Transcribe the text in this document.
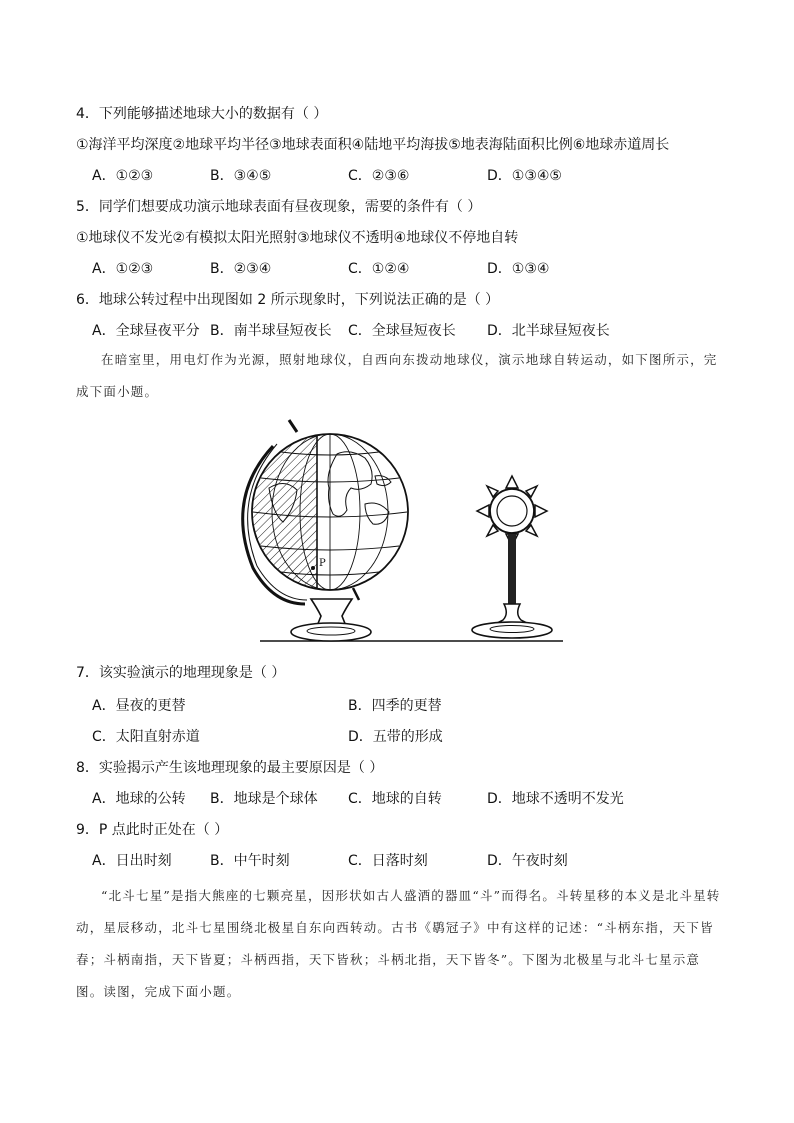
4．下列能够描述地球大小的数据有（ ）
①海洋平均深度②地球平均半径③地球表面积④陆地平均海拔⑤地表海陆面积比例⑥地球赤道周长
A．①②③	B．③④⑤	C．②③⑥	D．①③④⑤
5．同学们想要成功演示地球表面有昼夜现象，需要的条件有（ ）
①地球仪不发光②有模拟太阳光照射③地球仪不透明④地球仪不停地自转
A．①②③	B．②③④	C．①②④	D．①③④
6．地球公转过程中出现图如 2 所示现象时，下列说法正确的是（ ）
A．全球昼夜平分 B．南半球昼短夜长 C．全球昼短夜长 D．北半球昼短夜长
在暗室里，用电灯作为光源，照射地球仪，自西向东拨动地球仪，演示地球自转运动，如下图所示，完成下面小题。
P
7．该实验演示的地理现象是（ ）
A．昼夜的更替	B．四季的更替
C．太阳直射赤道	D．五带的形成
8．实验揭示产生该地理现象的最主要原因是（ ）
A．地球的公转 B．地球是个球体 C．地球的自转	D．地球不透明不发光
9．P 点此时正处在（ ）
A．日出时刻	B．中午时刻	C．日落时刻	D．午夜时刻
“北斗七星”是指大熊座的七颗亮星，因形状如古人盛酒的器皿“斗”而得名。斗转星移的本义是北斗星转动，星辰移动，北斗七星围绕北极星自东向西转动。古书《鹖冠子》中有这样的记述：“斗柄东指，天下皆春；斗柄南指，天下皆夏；斗柄西指，天下皆秋；斗柄北指，天下皆冬”。下图为北极星与北斗七星示意图。读图，完成下面小题。
